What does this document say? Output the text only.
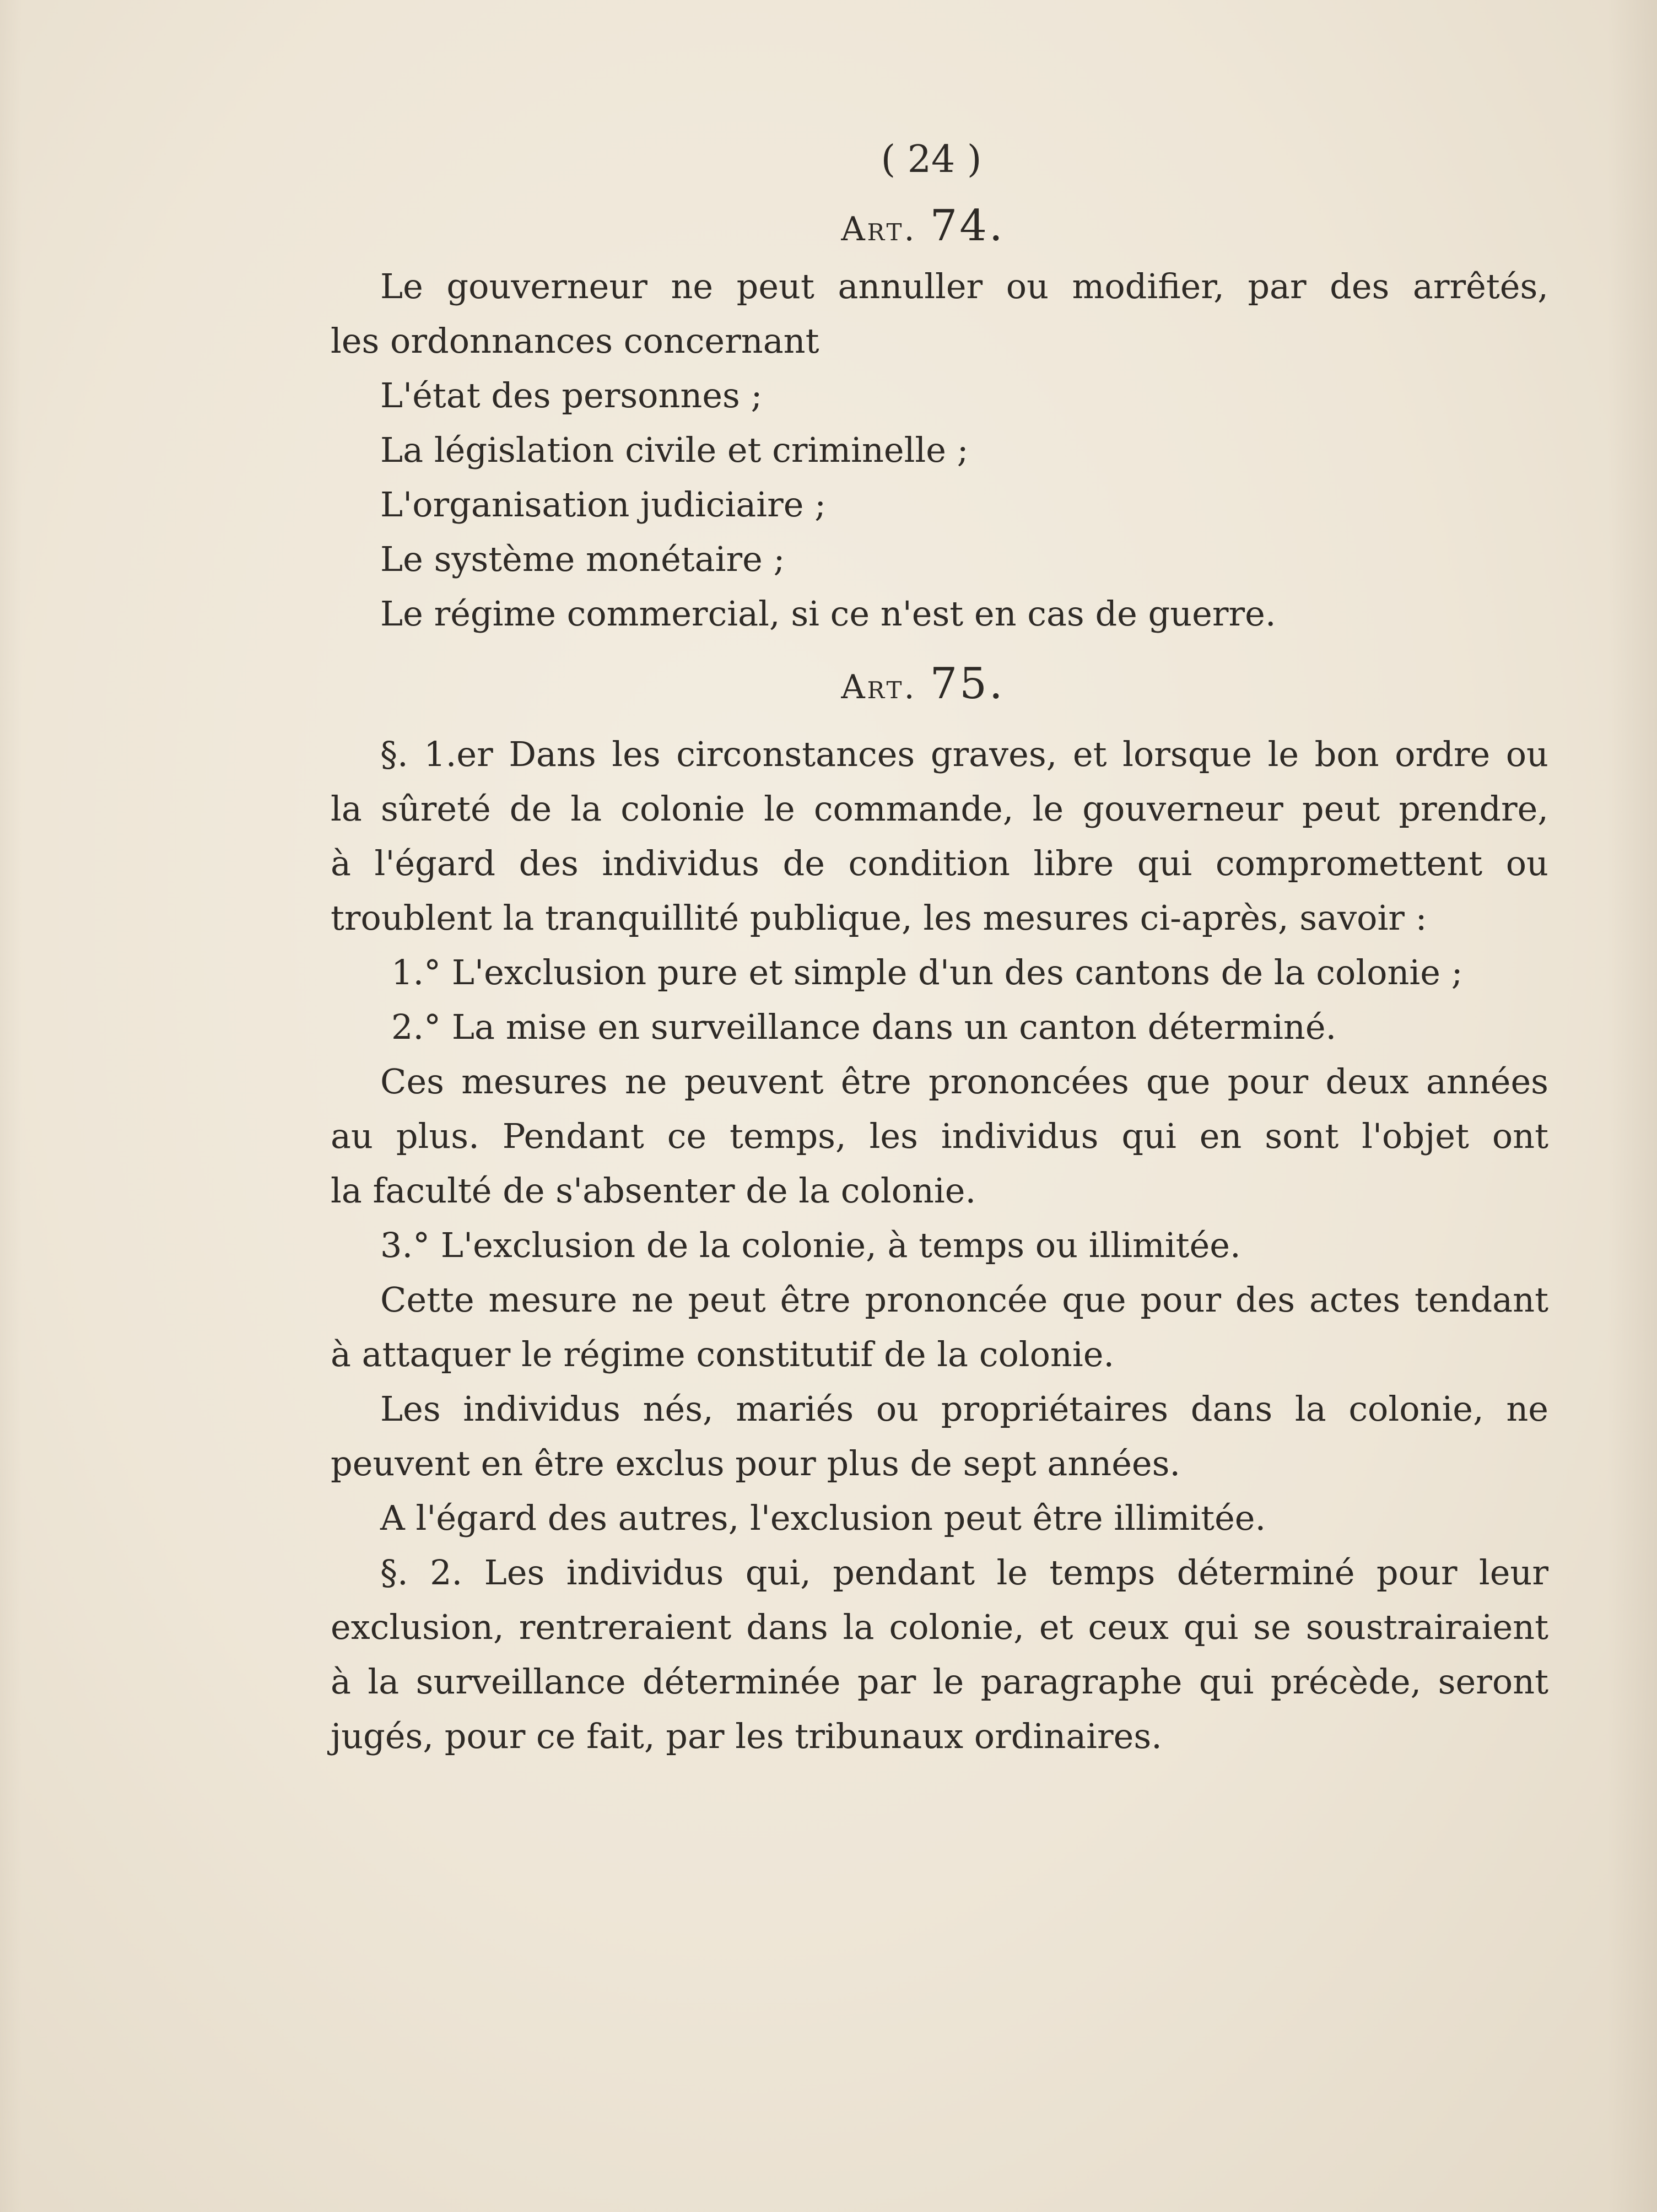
( 24 )
Art. 74.
Le gouverneur ne peut annuller ou modifier, par des arrêtés,
les ordonnances concernant
L'état des personnes ;
La législation civile et criminelle ;
L'organisation judiciaire ;
Le système monétaire ;
Le régime commercial, si ce n'est en cas de guerre.
Art. 75.
§. 1.er Dans les circonstances graves, et lorsque le bon ordre ou
la sûreté de la colonie le commande, le gouverneur peut prendre,
à l'égard des individus de condition libre qui compromettent ou
troublent la tranquillité publique, les mesures ci-après, savoir :
1.° L'exclusion pure et simple d'un des cantons de la colonie ;
2.° La mise en surveillance dans un canton déterminé.
Ces mesures ne peuvent être prononcées que pour deux années
au plus. Pendant ce temps, les individus qui en sont l'objet ont
la faculté de s'absenter de la colonie.
3.° L'exclusion de la colonie, à temps ou illimitée.
Cette mesure ne peut être prononcée que pour des actes tendant
à attaquer le régime constitutif de la colonie.
Les individus nés, mariés ou propriétaires dans la colonie, ne
peuvent en être exclus pour plus de sept années.
A l'égard des autres, l'exclusion peut être illimitée.
§. 2. Les individus qui, pendant le temps déterminé pour leur
exclusion, rentreraient dans la colonie, et ceux qui se soustrairaient
à la surveillance déterminée par le paragraphe qui précède, seront
jugés, pour ce fait, par les tribunaux ordinaires.
